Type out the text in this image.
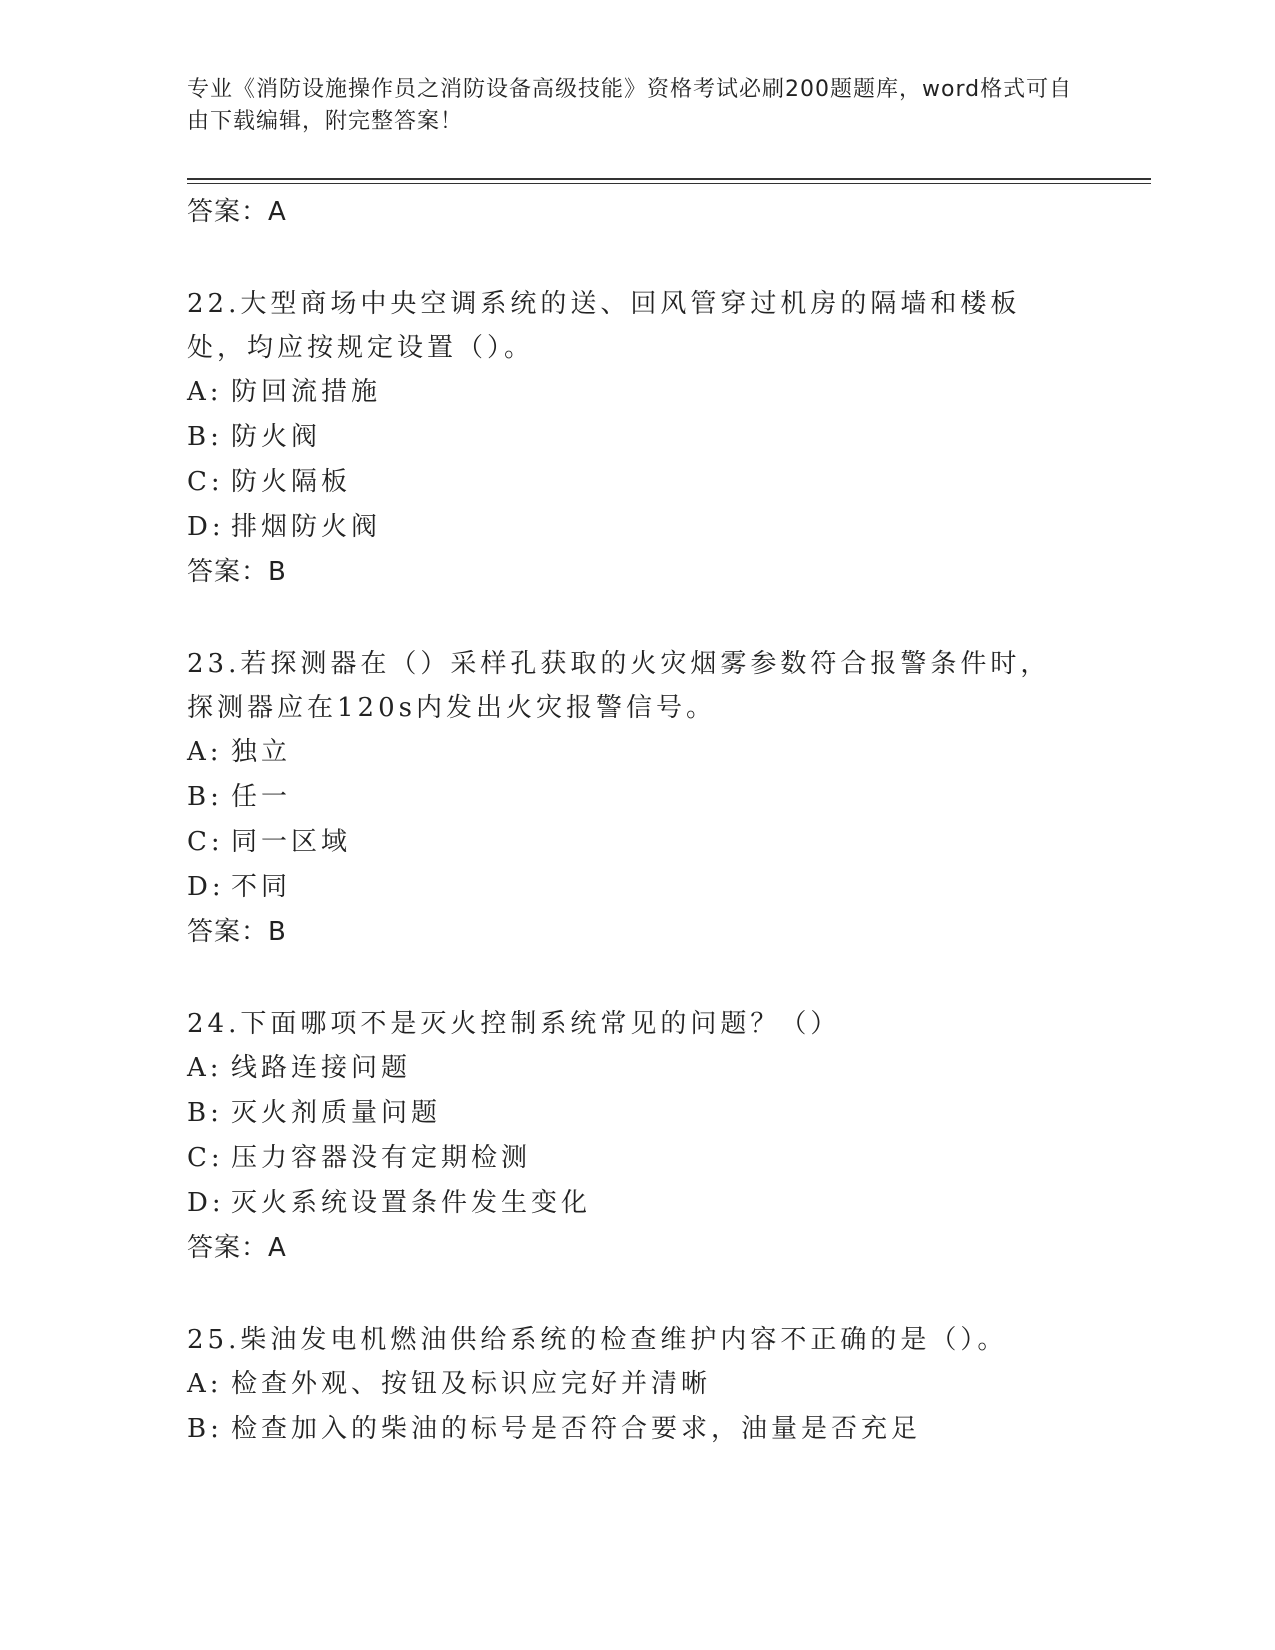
专业《消防设施操作员之消防设备高级技能》资格考试必刷200题题库，word格式可自由下载编辑，附完整答案！
答案：A
22.大型商场中央空调系统的送、回风管穿过机房的隔墙和楼板处，均应按规定设置（）。
A: 防回流措施
B: 防火阀
C: 防火隔板
D: 排烟防火阀
答案：B
23.若探测器在（）采样孔获取的火灾烟雾参数符合报警条件时，探测器应在120s内发出火灾报警信号。
A: 独立
B: 任一
C: 同一区域
D: 不同
答案：B
24.下面哪项不是灭火控制系统常见的问题？（）
A: 线路连接问题
B: 灭火剂质量问题
C: 压力容器没有定期检测
D: 灭火系统设置条件发生变化
答案：A
25.柴油发电机燃油供给系统的检查维护内容不正确的是（）。
A: 检查外观、按钮及标识应完好并清晰
B: 检查加入的柴油的标号是否符合要求，油量是否充足
